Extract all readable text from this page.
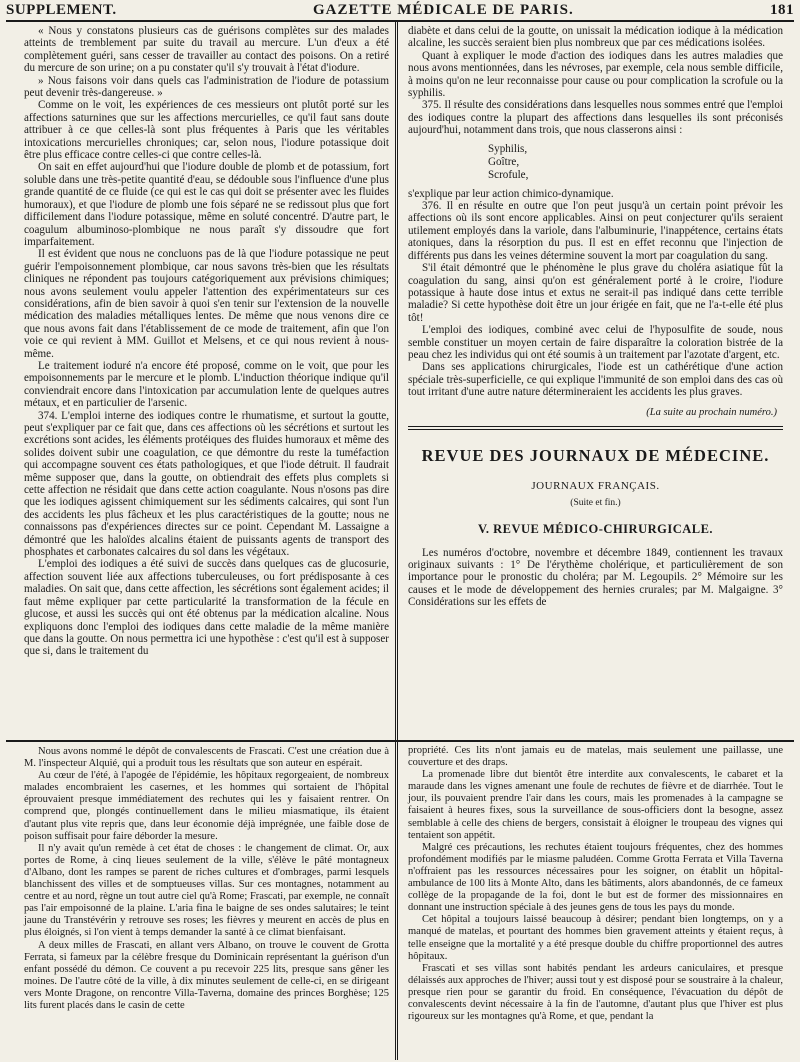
SUPPLEMENT.	GAZETTE MÉDICALE DE PARIS.	181

« Nous y constatons plusieurs cas de guérisons complètes sur des malades atteints de tremblement par suite du travail au mercure. L'un d'eux a été complètement guéri, sans cesser de travailler au contact des poisons. On a retiré du mercure de son urine; on a pu constater qu'il s'y trouvait à l'état d'iodure.

» Nous faisons voir dans quels cas l'administration de l'iodure de potassium peut devenir très-dangereuse. »

Comme on le voit, les expériences de ces messieurs ont plutôt porté sur les affections saturnines que sur les affections mercurielles, ce qu'il faut sans doute attribuer à ce que celles-là sont plus fréquentes à Paris que les véritables intoxications mercurielles chroniques; car, selon nous, l'iodure potassique doit être plus efficace contre celles-ci que contre celles-là.

On sait en effet aujourd'hui que l'iodure double de plomb et de potassium, fort soluble dans une très-petite quantité d'eau, se dédouble sous l'influence d'une plus grande quantité de ce fluide (ce qui est le cas qui doit se présenter avec les fluides humoraux), et que l'iodure de plomb une fois séparé ne se redissout plus que fort difficilement dans l'iodure potassique, même en soluté concentré. D'autre part, le coagulum albuminoso-plombique ne nous paraît s'y dissoudre que fort imparfaitement.

Il est évident que nous ne concluons pas de là que l'iodure potassique ne peut guérir l'empoisonnement plombique, car nous savons très-bien que les résultats cliniques ne répondent pas toujours catégoriquement aux prévisions chimiques; nous avons seulement voulu appeler l'attention des expérimentateurs sur ces considérations, afin de bien savoir à quoi s'en tenir sur l'extension de la nouvelle médication des maladies métalliques lentes. De même que nous venons dire ce que nous avons fait dans l'établissement de ce mode de traitement, afin que l'on voie ce qui revient à MM. Guillot et Melsens, et ce qui nous revient à nous-même.

Le traitement ioduré n'a encore été proposé, comme on le voit, que pour les empoisonnements par le mercure et le plomb. L'induction théorique indique qu'il conviendrait encore dans l'intoxication par accumulation lente de quelques autres métaux, et en particulier de l'arsenic.

374. L'emploi interne des iodiques contre le rhumatisme, et surtout la goutte, peut s'expliquer par ce fait que, dans ces affections où les sécrétions et surtout les excrétions sont acides, les éléments protéiques des fluides humoraux et même des solides doivent subir une coagulation, ce que démontre du reste la tuméfaction qui accompagne souvent ces états pathologiques, et que l'iode détruit. Il faudrait même supposer que, dans la goutte, on obtiendrait des effets plus complets si cette affection ne résidait que dans cette action coagulante. Nous n'osons pas dire que les iodiques agissent chimiquement sur les sédiments calcaires, qui sont l'un des accidents les plus fâcheux et les plus caractéristiques de la goutte; nous ne connaissons pas d'expériences directes sur ce point. Cependant M. Lassaigne a démontré que les haloïdes alcalins étaient de puissants agents de transport des phosphates et carbonates calcaires du sol dans les végétaux.

L'emploi des iodiques a été suivi de succès dans quelques cas de glucosurie, affection souvent liée aux affections tuberculeuses, ou fort prédisposante à ces maladies. On sait que, dans cette affection, les sécrétions sont également acides; il faut même expliquer par cette particularité la transformation de la fécule en glucose, et aussi les succès qui ont été obtenus par la médication alcaline. Nous expliquons donc l'emploi des iodiques dans cette maladie de la même manière que dans la goutte. On nous permettra ici une hypothèse : c'est qu'il est à supposer que si, dans le traitement du

diabète et dans celui de la goutte, on unissait la médication iodique à la médication alcaline, les succès seraient bien plus nombreux que par ces médications isolées.

Quant à expliquer le mode d'action des iodiques dans les autres maladies que nous avons mentionnées, dans les névroses, par exemple, cela nous semble difficile, à moins qu'on ne leur reconnaisse pour cause ou pour complication la scrofule ou la syphilis.

375. Il résulte des considérations dans lesquelles nous sommes entré que l'emploi des iodiques contre la plupart des affections dans lesquelles ils sont préconisés aujourd'hui, notamment dans trois, que nous classerons ainsi :

Syphilis,
Goître,
Scrofule,

s'explique par leur action chimico-dynamique.

376. Il en résulte en outre que l'on peut jusqu'à un certain point prévoir les affections où ils sont encore applicables. Ainsi on peut conjecturer qu'ils seraient utilement employés dans la variole, dans l'albuminurie, l'inappétence, certains états atoniques, dans la résorption du pus. Il est en effet reconnu que l'injection de différents pus dans les veines détermine souvent la mort par coagulation du sang.

S'il était démontré que le phénomène le plus grave du choléra asiatique fût la coagulation du sang, ainsi qu'on est généralement porté à le croire, l'iodure potassique à haute dose intus et extus ne serait-il pas indiqué dans cette terrible maladie? Si cette hypothèse doit être un jour érigée en fait, que ne l'a-t-elle été plus tôt!

L'emploi des iodiques, combiné avec celui de l'hyposulfite de soude, nous semble constituer un moyen certain de faire disparaître la coloration bistrée de la peau chez les individus qui ont été soumis à un traitement par l'azotate d'argent, etc.

Dans ses applications chirurgicales, l'iode est un cathérétique d'une action spéciale très-superficielle, ce qui explique l'immunité de son emploi dans des cas où tout irritant d'une autre nature détermineraient les accidents les plus graves.

(La suite au prochain numéro.)
REVUE DES JOURNAUX DE MÉDECINE.
JOURNAUX FRANÇAIS.
(Suite et fin.)
V. REVUE MÉDICO-CHIRURGICALE.

Les numéros d'octobre, novembre et décembre 1849, contiennent les travaux originaux suivants : 1° De l'érythème cholérique, et particulièrement de son importance pour le pronostic du choléra; par M. Legoupils. 2° Mémoire sur les causes et le mode de développement des hernies crurales; par M. Malgaigne. 3° Considérations sur les effets de

Nous avons nommé le dépôt de convalescents de Frascati. C'est une création due à M. l'inspecteur Alquié, qui a produit tous les résultats que son auteur en espérait.

Au cœur de l'été, à l'apogée de l'épidémie, les hôpitaux regorgeaient, de nombreux malades encombraient les casernes, et les hommes qui sortaient de l'hôpital éprouvaient presque immédiatement des rechutes qui les y faisaient rentrer. On comprend que, plongés continuellement dans le milieu miasmatique, ils étaient d'autant plus vite repris que, dans leur économie déjà imprégnée, une faible dose de poison suffisait pour faire déborder la mesure.

Il n'y avait qu'un remède à cet état de choses : le changement de climat. Or, aux portes de Rome, à cinq lieues seulement de la ville, s'élève le pâté montagneux d'Albano, dont les rampes se parent de riches cultures et d'ombrages, parmi lesquels blanchissent des villes et de somptueuses villas. Sur ces montagnes, notamment au centre et au nord, règne un tout autre ciel qu'à Rome; Frascati, par exemple, ne connaît pas l'air empoisonné de la plaine. L'aria fina le baigne de ses ondes salutaires; le teint jaune du Transtévérin y retrouve ses roses; les fièvres y meurent en accès de plus en plus éloignés, si l'on vient à temps demander la santé à ce climat bienfaisant.

A deux milles de Frascati, en allant vers Albano, on trouve le couvent de Grotta Ferrata, si fameux par la célèbre fresque du Dominicain représentant la guérison d'un enfant possédé du démon. Ce couvent a pu recevoir 225 lits, presque sans gêner les moines. De l'autre côté de la ville, à dix minutes seulement de celle-ci, en se dirigeant vers Monte Dragone, on rencontre Villa-Taverna, domaine des princes Borghèse; 125 lits furent placés dans le casin de cette

propriété. Ces lits n'ont jamais eu de matelas, mais seulement une paillasse, une couverture et des draps.

La promenade libre dut bientôt être interdite aux convalescents, le cabaret et la maraude dans les vignes amenant une foule de rechutes de fièvre et de diarrhée. Tout le jour, ils pouvaient prendre l'air dans les cours, mais les promenades à la campagne se faisaient à heures fixes, sous la surveillance de sous-officiers dont la besogne, assez semblable à celle des chiens de bergers, consistait à éloigner le troupeau des vignes qui tentaient son appétit.

Malgré ces précautions, les rechutes étaient toujours fréquentes, chez des hommes profondément modifiés par le miasme paludéen. Comme Grotta Ferrata et Villa Taverna n'offraient pas les ressources nécessaires pour les soigner, on établit un hôpital-ambulance de 100 lits à Monte Alto, dans les bâtiments, alors abandonnés, de ce fameux collège de la propagande de la foi, dont le but est de former des missionnaires en donnant une instruction spéciale à des jeunes gens de tous les pays du monde.

Cet hôpital a toujours laissé beaucoup à désirer; pendant bien longtemps, on y a manqué de matelas, et pourtant des hommes bien gravement atteints y étaient reçus, à telle enseigne que la mortalité y a été presque double du chiffre proportionnel des autres hôpitaux.

Frascati et ses villas sont habités pendant les ardeurs caniculaires, et presque délaissés aux approches de l'hiver; aussi tout y est disposé pour se soustraire à la chaleur, presque rien pour se garantir du froid. En conséquence, l'évacuation du dépôt de convalescents devint nécessaire à la fin de l'automne, d'autant plus que l'hiver est plus rigoureux sur les montagnes qu'à Rome, et que, pendant la
